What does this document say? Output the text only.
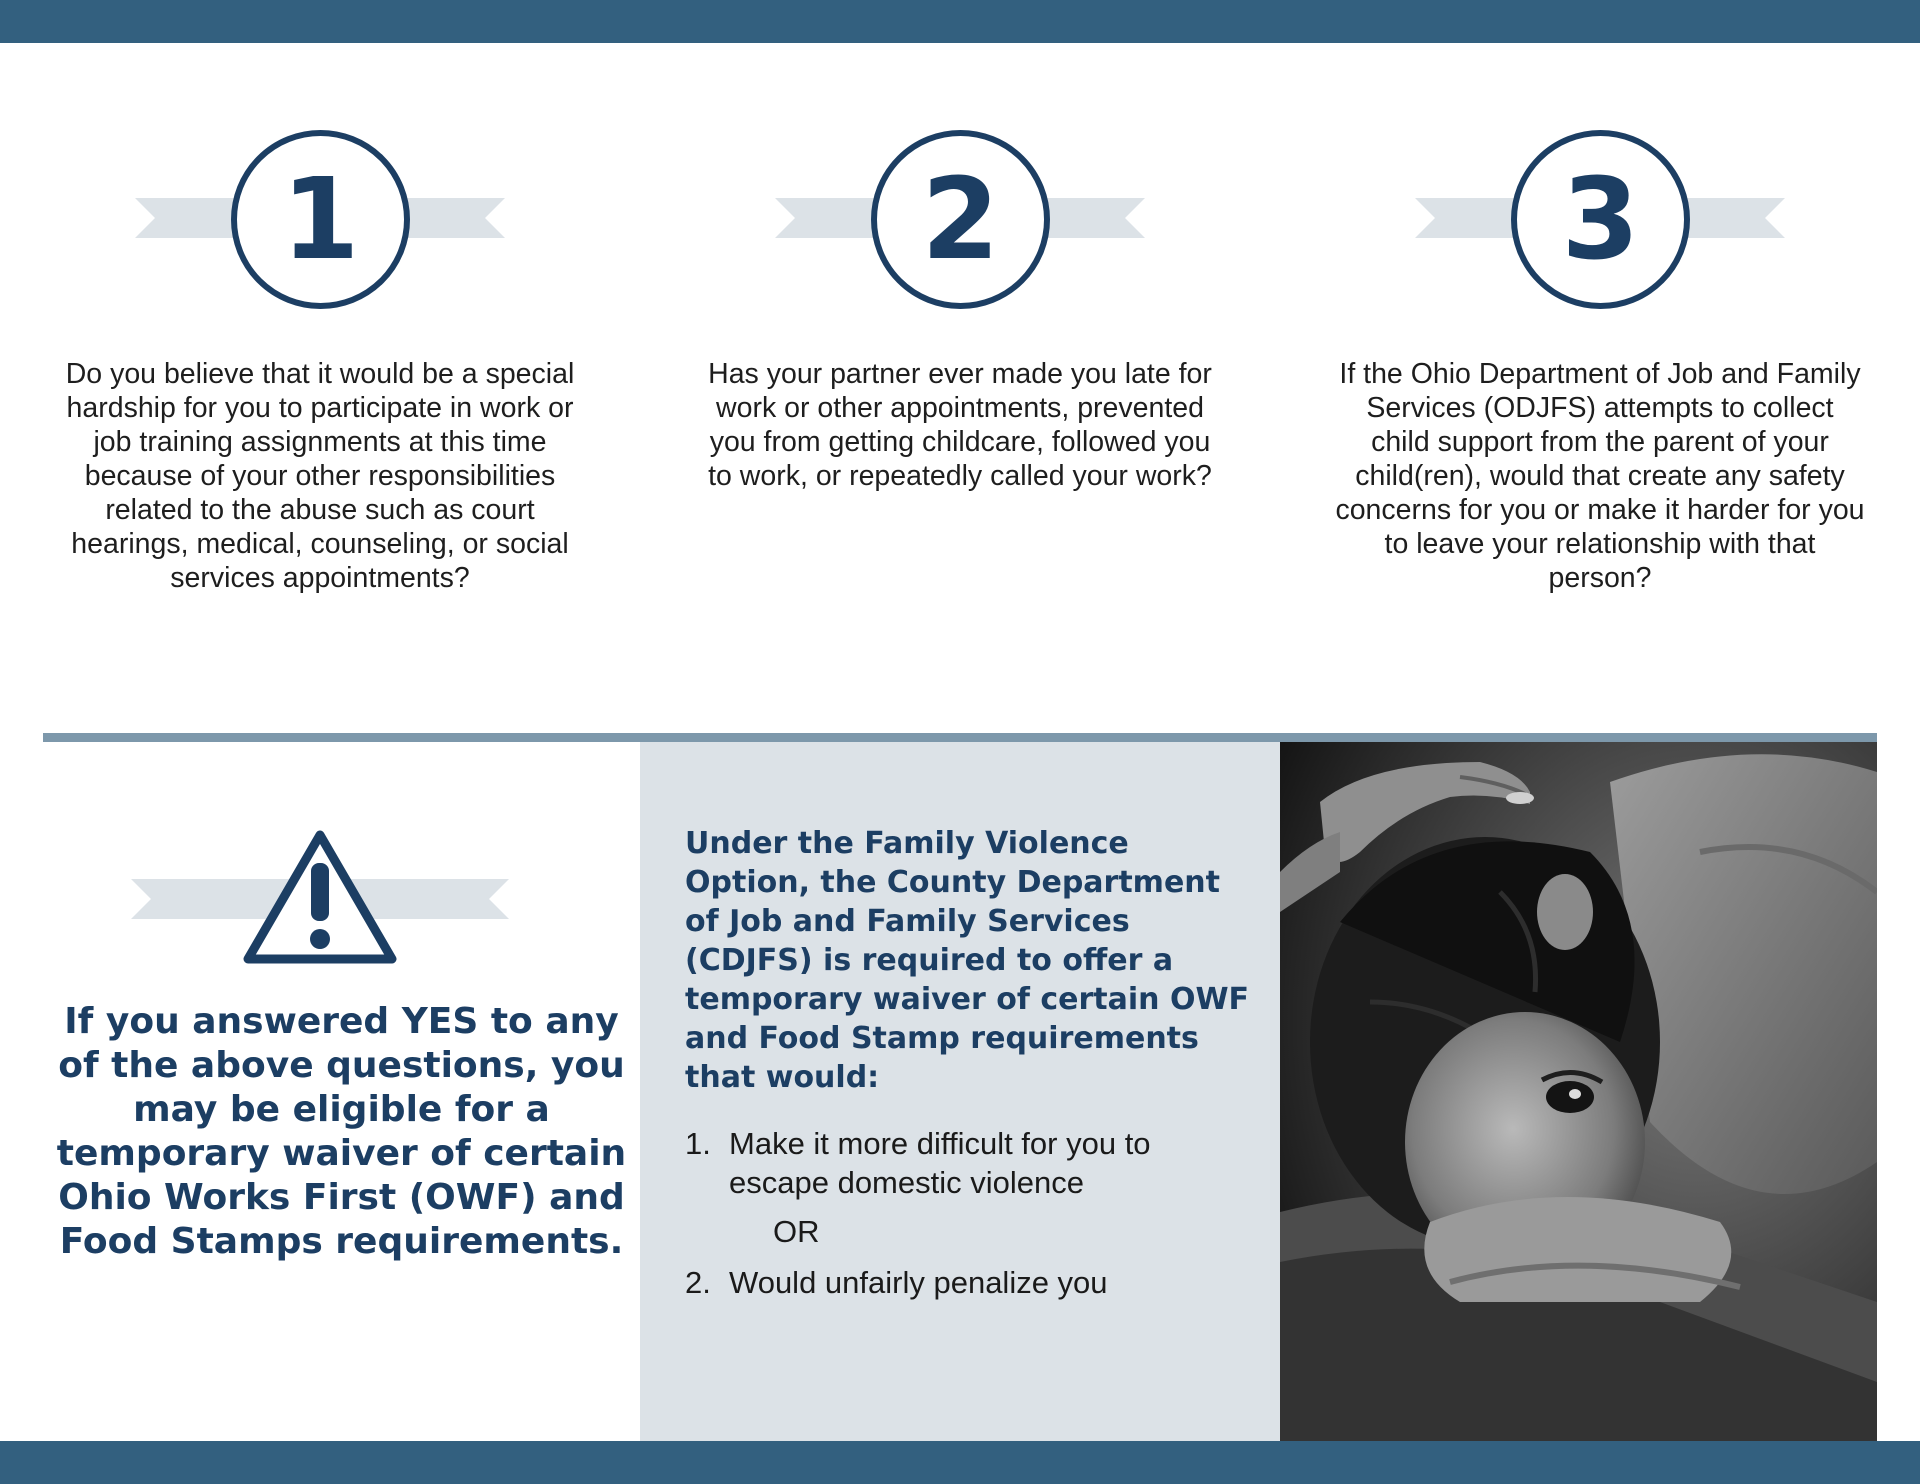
1
Do you believe that it would be a special hardship for you to participate in work or job training assignments at this time because of your other responsibilities related to the abuse such as court hearings, medical, counseling, or social services appointments?
2
Has your partner ever made you late for work or other appointments, prevented you from getting childcare, followed you to work, or repeatedly called your work?
3
If the Ohio Department of Job and Family Services (ODJFS) attempts to collect child support from the parent of your child(ren), would that create any safety concerns for you or make it harder for you to leave your relationship with that person?
If you answered YES to any of the above questions, you may be eligible for a temporary waiver of certain Ohio Works First (OWF) and Food Stamps requirements.
Under the Family Violence Option, the County Department of Job and Family Services (CDJFS) is required to offer a temporary waiver of certain OWF and Food Stamp requirements that would:
1. Make it more difficult for you to escape domestic violence
OR
2. Would unfairly penalize you
